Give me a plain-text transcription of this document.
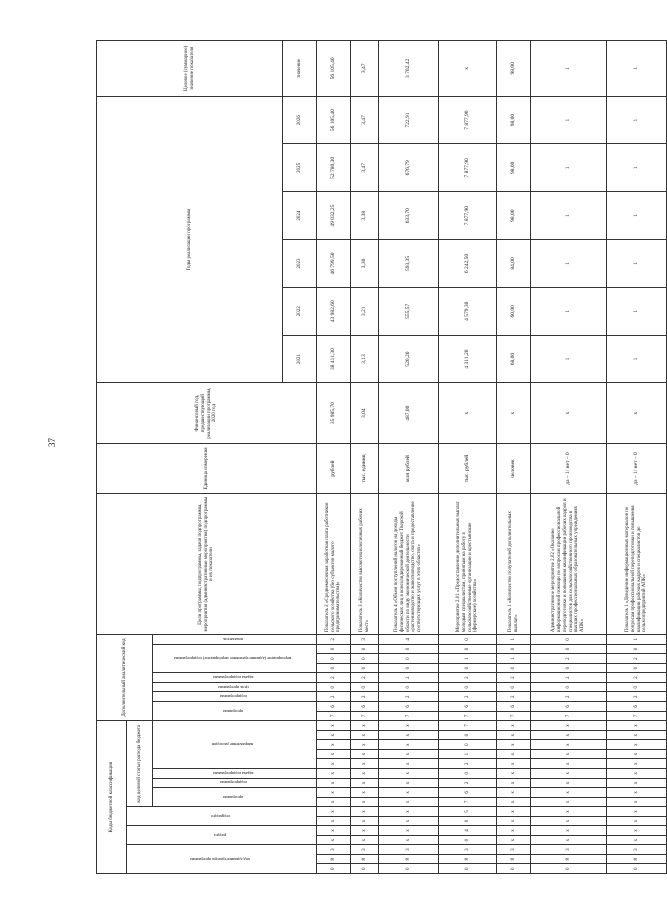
37
Коды бюджетной классификации																Дополнительный аналитический код									Цели программы, подпрограммы, задачи подпрограммы, мероприятия (административные мероприятия) подпрограммы и их показатели	Единица измерения	Финансовый год, предшествующий реализации программы, 2020 год	Годы реализации программы						Целевое (суммарное) значение показателя
код администратора программы			раздел		подраздел		код целевой статьи расхода бюджета																											
							программа		подпрограмма	задача подпрограммы	направление расходов					программа		подпрограмма	цель программы	задача подпрограммы	мероприятие (административное мероприятие) подпрограммы			показатель										
																												2021	2022	2023	2024	2025	2026	значение
0	8	3	x	x	x	x	x	x	x	x	x	x	x	x	x	7	6	2	0	2	0	0	0	2	Показатель 2 «Среднемесячная заработная плата работников сельского хозяйства (без субъектов малого предпринимательства)»	рублей	35 985,70	38 411,30	43 982,60	46 799,50	49 032,25	52 780,30	56 105,40	56 105,40
0	8	3	x	x	x	x	x	x	x	x	x	x	x	x	x	7	6	2	0	2	0	0	0	3	Показатель 3 «Количество высокотехнологичных рабочих мест»	тыс. единиц	3,04	3,13	3,21	3,30	3,38	3,47	3,47	3,47
0	8	3	x	x	x	x	x	x	x	x	x	x	x	x	x	7	6	2	0	2	0	0	0	4	Показатель 4 «Объем поступлений налогов на доходы физических лиц в консолидированный бюджет Тверской области по виду экономической деятельности «растениеводство и животноводство, охота и предоставление соответствующих услуг в этих областях»	млн рублей	487,00	520,20	555,57	593,35	633,70	676,79	722,91	3 702,42
0	8	3	0	4	0	5	7	6	2	0	2	1	0	0	7	7	6	2	0	2	0	1	0	0	Мероприятие 2.01 «Предоставление дополнительных выплат молодым специалистам, принятым на работу в сельскохозяйственные организации и крестьянские (фермерские) хозяйства»	тыс. рублей	x	4 311,20	4 579,30	6 242,50	7 877,90	7 877,90	7 877,90	x
0	8	3	x	x	x	x	x	x	x	x	x	x	x	x	x	7	6	2	0	2	0	1	0	1	Показатель 1 «Количество получателей дополнительных выплат»	человек	x	68,00	60,00	84,00	98,00	98,00	98,00	98,00
0	8	3	x	x	x	x	x	x	x	x	x	x	x	x	x	7	6	2	0	2	0	2	0	0	Административное мероприятие 2.02 «Оказание информационной помощи по вопросам профессиональной переподготовки и повышения квалификации рабочих кадров и специалистов для сельскохозяйственного производства в высших профессиональных образовательных учреждениях АПК»	да – 1/ нет – 0	x	1	1	1	1	1	1	1
0	8	3	x	x	x	x	x	x	x	x	x	x	x	x	x	7	6	2	0	2	0	2	0	1	Показатель 1 «Доведение информационных материалов по вопросам профессиональной переподготовки и повышения квалификации рабочих кадров и специалистов до сельхозпредприятий АПК»	да – 1/ нет – 0	x	1	1	1	1	1	1	1
